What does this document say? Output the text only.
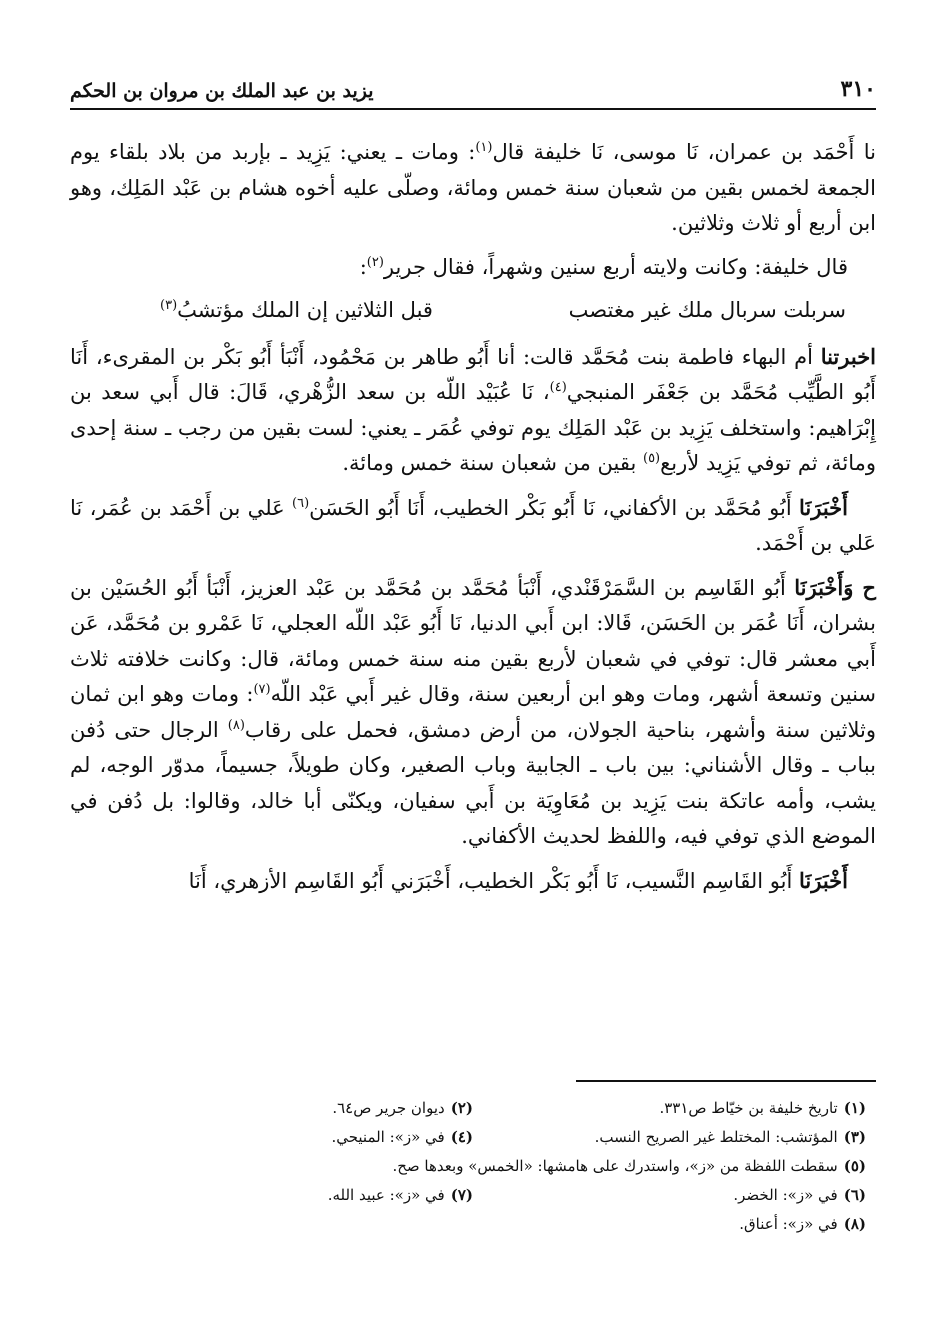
٣١٠
يزيد بن عبد الملك بن مروان بن الحكم

نا أَحْمَد بن عمران، نَا موسى، نَا خليفة قال$^{(١)}$: ومات ـ يعني: يَزِيد ـ بإربد من بلاد بلقاء يوم الجمعة لخمس بقين من شعبان سنة خمس ومائة، وصلّى عليه أخوه هشام بن عَبْد المَلِك، وهو ابن أربع أو ثلاث وثلاثين.

قال خليفة: وكانت ولايته أربع سنين وشهراً، فقال جرير$^{(٢)}$:

سربلت سربال ملك غير مغتصب
قبل الثلاثين إن الملك مؤتشبُ$^{(٣)}$

اخبرتنا أم البهاء فاطمة بنت مُحَمَّد قالت: أنا أَبُو طاهر بن مَحْمُود، أَنْبَأ أَبُو بَكْر بن المقرىء، أَنَا أَبُو الطَّيِّب مُحَمَّد بن جَعْفَر المنبجي$^{(٤)}$، نَا عُبَيْد اللّه بن سعد الزُّهْري، قَالَ: قال أَبي سعد بن إِبْرَاهيم: واستخلف يَزِيد بن عَبْد المَلِك يوم توفي عُمَر ـ يعني: لست بقين من رجب ـ سنة إحدى ومائة، ثم توفي يَزِيد لأربع$^{(٥)}$ بقين من شعبان سنة خمس ومائة.

أَخْبَرَنَا أَبُو مُحَمَّد بن الأكفاني، نَا أَبُو بَكْر الخطيب، أَنَا أَبُو الحَسَن$^{(٦)}$ عَلي بن أَحْمَد بن عُمَر، نَا عَلي بن أَحْمَد.

ح وَأَخْبَرَنَا أَبُو القَاسِم بن السَّمَرْقَنْدي، أَنْبَأ مُحَمَّد بن مُحَمَّد بن عَبْد العزيز، أَنْبَأ أَبُو الحُسَيْن بن بشران، أَنَا عُمَر بن الحَسَن، قَالا: ابن أَبي الدنيا، نَا أَبُو عَبْد اللّه العجلي، نَا عَمْرو بن مُحَمَّد، عَن أَبي معشر قال: توفي في شعبان لأربع بقين منه سنة خمس ومائة، قال: وكانت خلافته ثلاث سنين وتسعة أشهر، ومات وهو ابن أربعين سنة، وقال غير أَبي عَبْد اللّه$^{(٧)}$: ومات وهو ابن ثمان وثلاثين سنة وأشهر، بناحية الجولان، من أرض دمشق، فحمل على رقاب$^{(٨)}$ الرجال حتى دُفن بباب ـ وقال الأشناني: بين باب ـ الجابية وباب الصغير، وكان طويلاً، جسيماً، مدوّر الوجه، لم يشب، وأمه عاتكة بنت يَزِيد بن مُعَاوِيَة بن أَبي سفيان، ويكنّى أبا خالد، وقالوا: بل دُفن في الموضع الذي توفي فيه، واللفظ لحديث الأكفاني.

أَخْبَرَنَا أَبُو القَاسِم النَّسيب، نَا أَبُو بَكْر الخطيب، أَخْبَرَني أَبُو القَاسِم الأزهري، أَنَا

(١)تاريخ خليفة بن خيّاط ص٣٣١.
(٢)ديوان جرير ص٦٤.
(٣)المؤتشب: المختلط غير الصريح النسب.
(٤)في «ز»: المنيحي.
(٥)سقطت اللفظة من «ز»، واستدرك على هامشها: «الخمس» وبعدها صح.
(٦)في «ز»: الخضر.
(٧)في «ز»: عبيد الله.
(٨)في «ز»: أعناق.
